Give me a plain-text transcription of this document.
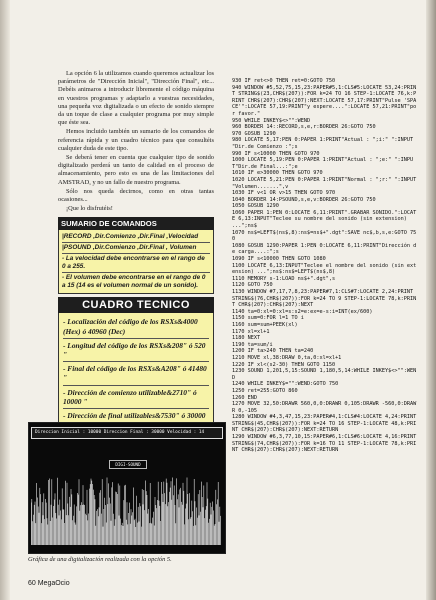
La opción 6 la utilizamos cuando queremos actualizar los parámetros de "Dirección Inicial", "Dirección Final", etc... Debéis animaros a introducir libremente el código máquina en vuestros programas y adaptarlo a vuestras necesidades, una pequeña voz digitalizada o un efecto de sonido siempre da un toque de clase a cualquier programa por muy simple que éste sea.

Hemos incluido también un sumario de los comandos de referencia rápida y un cuadro técnico para que consultéis cualquier duda de este tipo.

Se deberá tener en cuenta que cualquier tipo de sonido digitalizado perderá un tanto de calidad en el proceso de almacenamiento, pero esto es una de las limitaciones del AMSTRAD, y no un fallo de nuestro programa.

Sólo nos queda decirnos, como en otras tantas ocasiones...

¡Que lo disfrutéis!

SUMARIO DE COMANDOS
|RECORD ,Dir.Comienzo ,Dir.Final ,Velocidad
|PSOUND ,Dir.Comienzo ,Dir.Final , Volumen
- La velocidad debe encontrarse en el rango de 0 a 255.
- El volumen debe encontrarse en el rango de 0 a 15 (14 es el volumen normal de un sonido).
CUADRO TECNICO
- Localización del código de los RSXs&4000 (Hex) ó 40960 (Dec)
- Longitud del código de los RSXs&208" ó 520 "
- Final del código de los RSXs&A208" ó 41480 "
- Dirección de comienzo utilizable&2710" ó 10000 "
- Dirección de final utilizables&7530" ó 30000
Direccion Inicial : 10000 Direccion Final : 30000 Velocidad : 14
DIGI-SOUND
Gráfica de una digitalización realizada con la opción 5.
60 MegaOcio
930 IF ret<>0 THEN ret=0:GOTO 750
940 WINDOW #5,52,75,15,23:PAPER#5,1:CLS#5:LOCATE 53,24:PRINT STRING$(23,CHR$(207)):FOR k=24 TO 16 STEP-1:LOCATE 76,k:PRINT CHR$(207):CHR$(207):NEXT:LOCATE 57,17:PRINT"Pulse 'SPACE'":LOCATE 57,19:PRINT"y espere....":LOCATE 57,21:PRINT"por favor."
950 WHILE INKEY$<>"":WEND
960 BORDER 14::RECORD,s,e,r:BORDER 26:GOTO 750
970 GOSUB 1290
980 LOCATE 5,17:PEN 0:PAPER 1:PRINT"Actual : ";i:" ":INPUT "Dir.de Comienzo :";s
990 IF s<10000 THEN GOTO 970
1000 LOCATE 5,19:PEN 0:PAPER 1:PRINT"Actual : ";e:" ":INPUT"Dir.de Final...:";e
1010 IF e>30000 THEN GOTO 970
1020 LOCATE 5,21:PEN 0:PAPER 1:PRINT"Normal : ";r:" ":INPUT "Volumen.......",v
1030 IF v<1 OR v>15 THEN GOTO 970
1040 BORDER 14:PSOUND,s,e,v:BORDER 26:GOTO 750
1050 GOSUB 1290
1060 PAPER 1:PEN 0:LOCATE 6,11:PRINT".GRABAR SONIDO.":LOCATE 6,13:INPUT"Teclee su nombre del sonido (sin extension) ...";ns$
1070 ns$=LEFT$(ns$,8):ns$=ns$+".dgt":SAVE nc$,b,s,e:GOTO 750
1080 GOSUB 1290:PAPER 1:PEN 0:LOCATE 6,11:PRINT"Dirección de carga....:";s
1090 IF s<10000 THEN GOTO 1080
1100 LOCATE 6,13:INPUT"Teclee el nombre del sonido (sin extension) ...";ns$:ns$=LEFT$(ns$,8)
1110 MEMORY s-1:LOAD ns$+".dgt",s
1120 GOTO 750
1130 WINDOW #7,17,7,8,23:PAPER#7,1:CLS#7:LOCATE 2,24:PRINT STRING$(76,CHR$(207)):FOR k=24 TO 9 STEP-1:LOCATE 78,k:PRINT CHR$(207):CHR$(207):NEXT
1140 ta=0:xl=0:xl=s:s2=e:ex=e-s:i=INT(ex/600)
1150 sum=0:FOR l=1 TO i
1160 sum=sum+PEEK(xl)
1170 xl=xl+1
1180 NEXT
1190 ta=sum/i
1200 IF ta>240 THEN ta=240
1210 MOVE xl,38:DRAW 0,ta,0:xl=xl+1
1220 IF xl<(s2-30) THEN GOTO 1150
1230 SOUND 1,201,5,15:SOUND 1,180,5,14:WHILE INKEY$<>"":WEND
1240 WHILE INKEY$="":WEND:GOTO 750
1250 ret=255:GOTO 860
1260 END
1270 MOVE 32,50:DRAWR 560,0,0:DRAWR 0,105:DRAWR -560,0:DRAWR 0,-105
1280 WINDOW #4,3,47,15,23:PAPER#4,1:CLS#4:LOCATE 4,24:PRINT STRING$(45,CHR$(207)):FOR k=24 TO 16 STEP-1:LOCATE 48,k:PRINT CHR$(207):CHR$(207):NEXT:RETURN
1290 WINDOW #6,3,77,10,15:PAPER#6,1:CLS#6:LOCATE 4,16:PRINT STRING$(74,CHR$(207)):FOR k=16 TO 11 STEP-1:LOCATE 78,k:PRINT CHR$(207):CHR$(207):NEXT:RETURN
